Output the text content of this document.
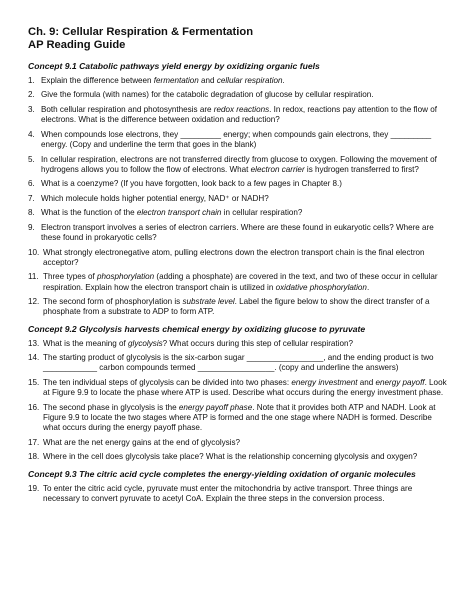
Ch. 9: Cellular Respiration & Fermentation
AP Reading Guide
Concept 9.1 Catabolic pathways yield energy by oxidizing organic fuels
1. Explain the difference between fermentation and cellular respiration.
2. Give the formula (with names) for the catabolic degradation of glucose by cellular respiration.
3. Both cellular respiration and photosynthesis are redox reactions. In redox, reactions pay attention to the flow of electrons. What is the difference between oxidation and reduction?
4. When compounds lose electrons, they _________ energy; when compounds gain electrons, they _________ energy. (Copy and underline the term that goes in the blank)
5. In cellular respiration, electrons are not transferred directly from glucose to oxygen. Following the movement of hydrogens allows you to follow the flow of electrons. What electron carrier is hydrogen transferred to first?
6. What is a coenzyme? (If you have forgotten, look back to a few pages in Chapter 8.)
7. Which molecule holds higher potential energy, NAD⁺ or NADH?
8. What is the function of the electron transport chain in cellular respiration?
9. Electron transport involves a series of electron carriers. Where are these found in eukaryotic cells? Where are these found in prokaryotic cells?
10. What strongly electronegative atom, pulling electrons down the electron transport chain is the final electron acceptor?
11. Three types of phosphorylation (adding a phosphate) are covered in the text, and two of these occur in cellular respiration. Explain how the electron transport chain is utilized in oxidative phosphorylation.
12. The second form of phosphorylation is substrate level. Label the figure below to show the direct transfer of a phosphate from a substrate to ADP to form ATP.
Concept 9.2 Glycolysis harvests chemical energy by oxidizing glucose to pyruvate
13. What is the meaning of glycolysis? What occurs during this step of cellular respiration?
14. The starting product of glycolysis is the six-carbon sugar _________________, and the ending product is two ____________ carbon compounds termed _________________. (copy and underline the answers)
15. The ten individual steps of glycolysis can be divided into two phases: energy investment and energy payoff. Look at Figure 9.9 to locate the phase where ATP is used. Describe what occurs during the energy investment phase.
16. The second phase in glycolysis is the energy payoff phase. Note that it provides both ATP and NADH. Look at Figure 9.9 to locate the two stages where ATP is formed and the one stage where NADH is formed. Describe what occurs during the energy payoff phase.
17. What are the net energy gains at the end of glycolysis?
18. Where in the cell does glycolysis take place? What is the relationship concerning glycolysis and oxygen?
Concept 9.3 The citric acid cycle completes the energy-yielding oxidation of organic molecules
19. To enter the citric acid cycle, pyruvate must enter the mitochondria by active transport. Three things are necessary to convert pyruvate to acetyl CoA. Explain the three steps in the conversion process.
